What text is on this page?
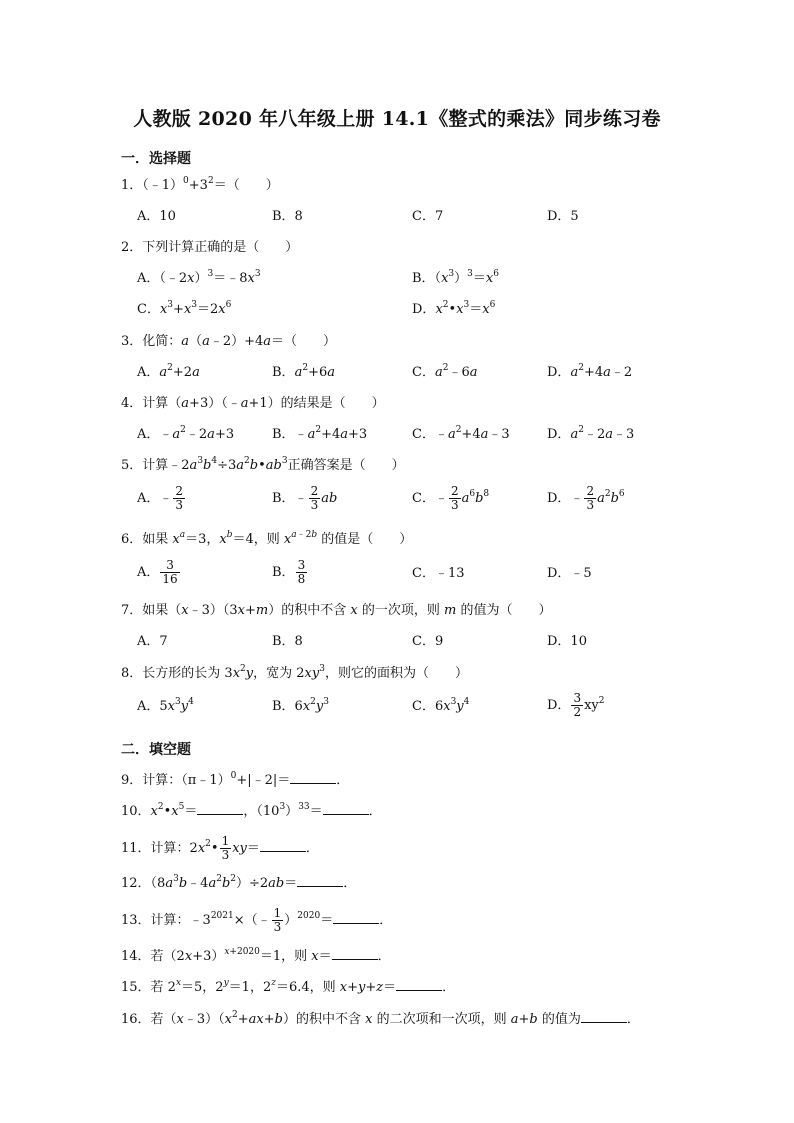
人教版 2020 年八年级上册 14.1《整式的乘法》同步练习卷
一．选择题
1．$(﹣1)^0+3^2=$（　　）
A．10	B．8	C．7	D．5
2．下列计算正确的是（　　）
A．$(﹣2x)^3=﹣8x^3$	B．$(x^3)^3=x^6$
C．$x^3+x^3=2x^6$	D．$x^2•x^3=x^6$
3．化简：a（a﹣2）+4a＝（　　）
A．$a^2+2a$	B．$a^2+6a$	C．$a^2﹣6a$	D．$a^2+4a﹣2$
4．计算（a+3）（﹣a+1）的结果是（　　）
A．$﹣a^2﹣2a+3$	B．$﹣a^2+4a+3$	C．$﹣a^2+4a﹣3$	D．$a^2﹣2a﹣3$
5．计算$﹣2a^3b^4\div 3a^2b•ab^3$正确答案是（　　）
A．﹣ $\frac{2}{3}$	B．﹣ $\frac{2}{3}$ ab	C．﹣ $\frac{2}{3} a^6b^8$	D．﹣ $\frac{2}{3} a^2b^6$
6．如果 $x^a=3$，$x^b=4$，则 $x^{a﹣2b}$ 的值是（　　）
A． $\frac{3}{16}$	B． $\frac{3}{8}$	C．﹣13	D．﹣5
7．如果（x﹣3）（3x+m）的积中不含 x 的一次项，则 m 的值为（　　）
A．7	B．8	C．9	D．10
8．长方形的长为 $3x^2y$，宽为 $2xy^3$，则它的面积为（　　）
A．$5x^3y^4$	B．$6x^2y^3$	C．$6x^3y^4$	D． $\frac{3}{2} xy^2$
二．填空题
9．计算：（π﹣1）$^0$+|﹣2|＝	．
10．$x^2•x^5=$	，$(10^3)^{33}=$	．
11．计算：$2x^2• \frac{1}{3} xy=$	．
12．$(8a^3b﹣4a^2b^2)\div 2ab=$	．
13．计算：$﹣3^{2021}\times(﹣ \frac{1}{3} )^{2020}=$	．
14．若$(2x+3)^{x+2020}=1$，则 x＝	．
15．若 $2^x=5$，$2^y=1$，$2^z=6.4$，则 x+y+z＝	．
16．若$(x﹣3)(x^2+ax+b)$的积中不含 x 的二次项和一次项，则 a+b 的值为	．
